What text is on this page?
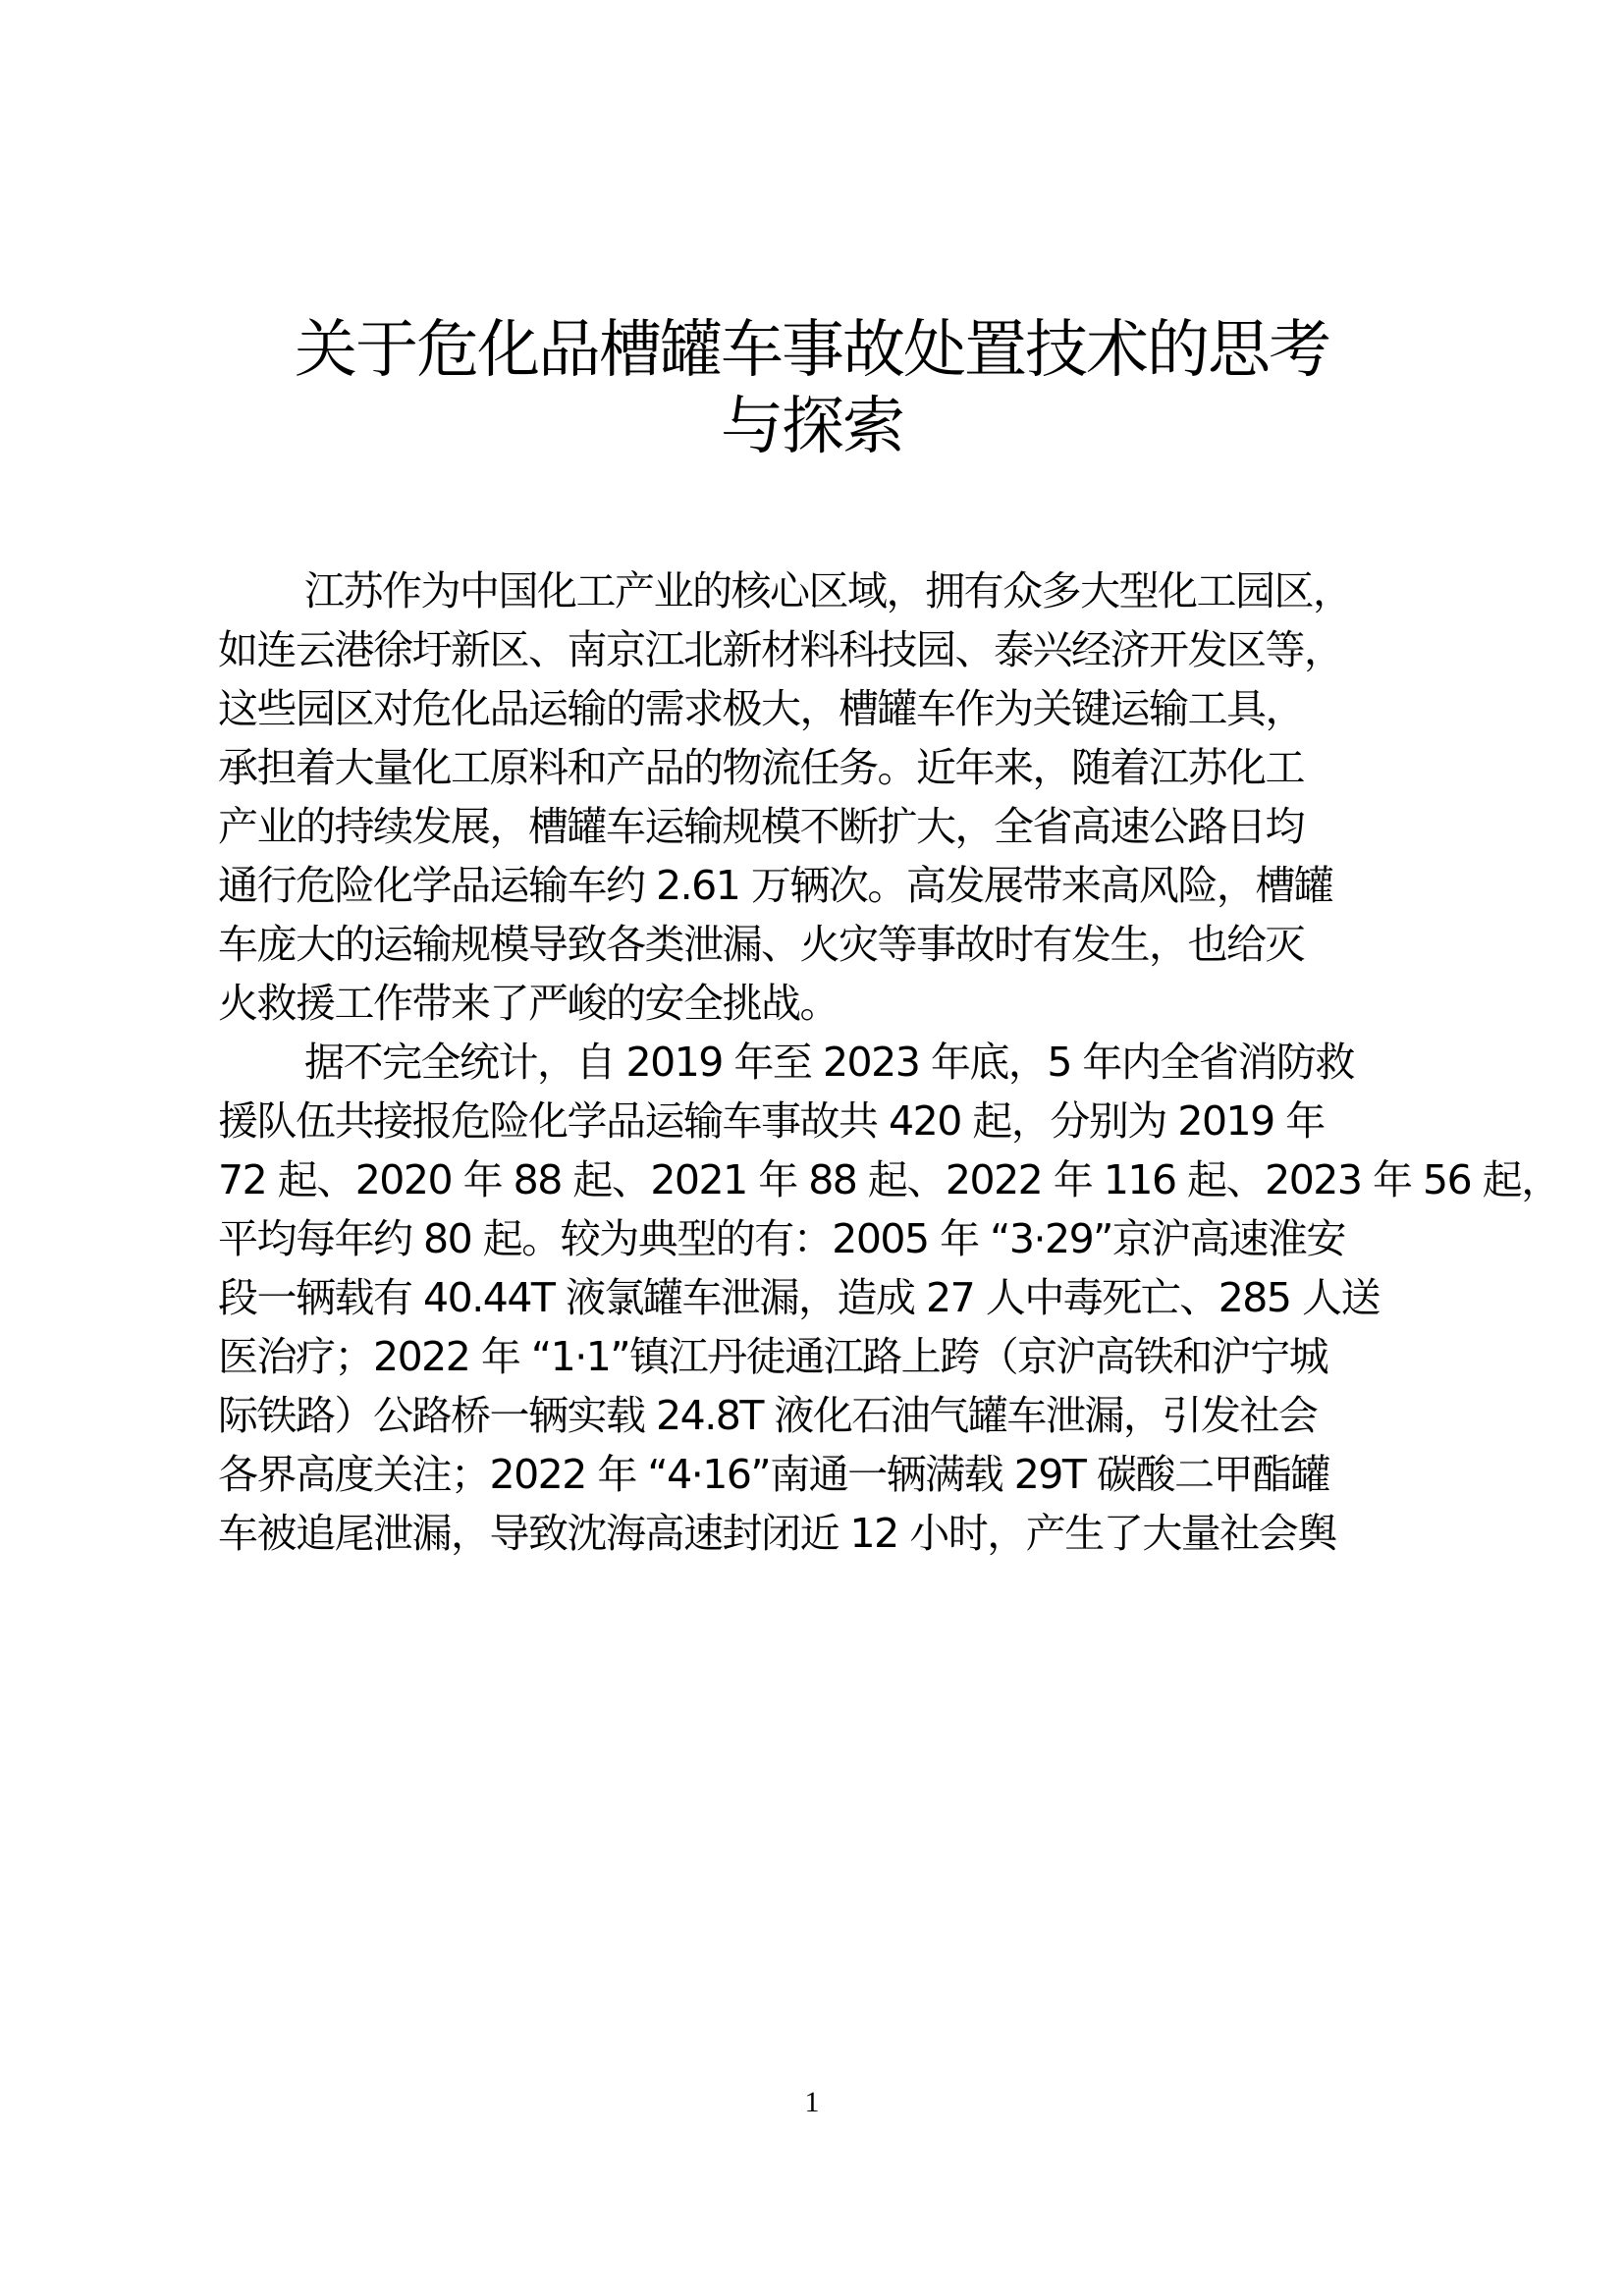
关于危化品槽罐车事故处置技术的思考
与探索
江苏作为中国化工产业的核心区域，拥有众多大型化工园区，
如连云港徐圩新区、南京江北新材料科技园、泰兴经济开发区等，
这些园区对危化品运输的需求极大，槽罐车作为关键运输工具，
承担着大量化工原料和产品的物流任务。近年来，随着江苏化工
产业的持续发展，槽罐车运输规模不断扩大，全省高速公路日均
通行危险化学品运输车约 2.61 万辆次。高发展带来高风险，槽罐
车庞大的运输规模导致各类泄漏、火灾等事故时有发生，也给灭
火救援工作带来了严峻的安全挑战。
据不完全统计，自 2019 年至 2023 年底，5 年内全省消防救
援队伍共接报危险化学品运输车事故共 420 起，分别为 2019 年
72 起、2020 年 88 起、2021 年 88 起、2022 年 116 起、2023 年 56 起，
平均每年约 80 起。较为典型的有：2005 年 “3·29”京沪高速淮安
段一辆载有 40.44T 液氯罐车泄漏，造成 27 人中毒死亡、285 人送
医治疗；2022 年 “1·1”镇江丹徒通江路上跨（京沪高铁和沪宁城
际铁路）公路桥一辆实载 24.8T 液化石油气罐车泄漏，引发社会
各界高度关注；2022 年 “4·16”南通一辆满载 29T 碳酸二甲酯罐
车被追尾泄漏，导致沈海高速封闭近 12 小时，产生了大量社会舆
1
